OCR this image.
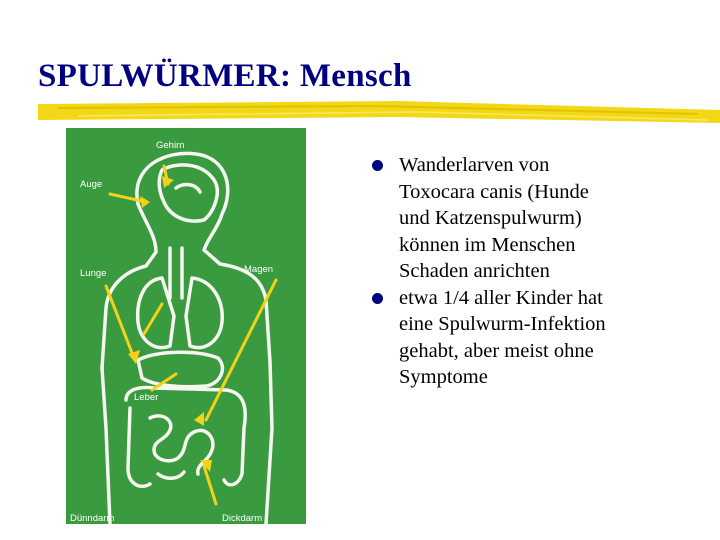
SPULWÜRMER: Mensch
Gehirn
Auge
Lunge	Magen
Leber
Dünndarm	Dickdarm
Wanderlarven von
Toxocara canis (Hunde
und Katzenspulwurm)
können im Menschen
Schaden anrichten
etwa 1/4 aller Kinder hat
eine Spulwurm-Infektion
gehabt, aber meist ohne
Symptome
